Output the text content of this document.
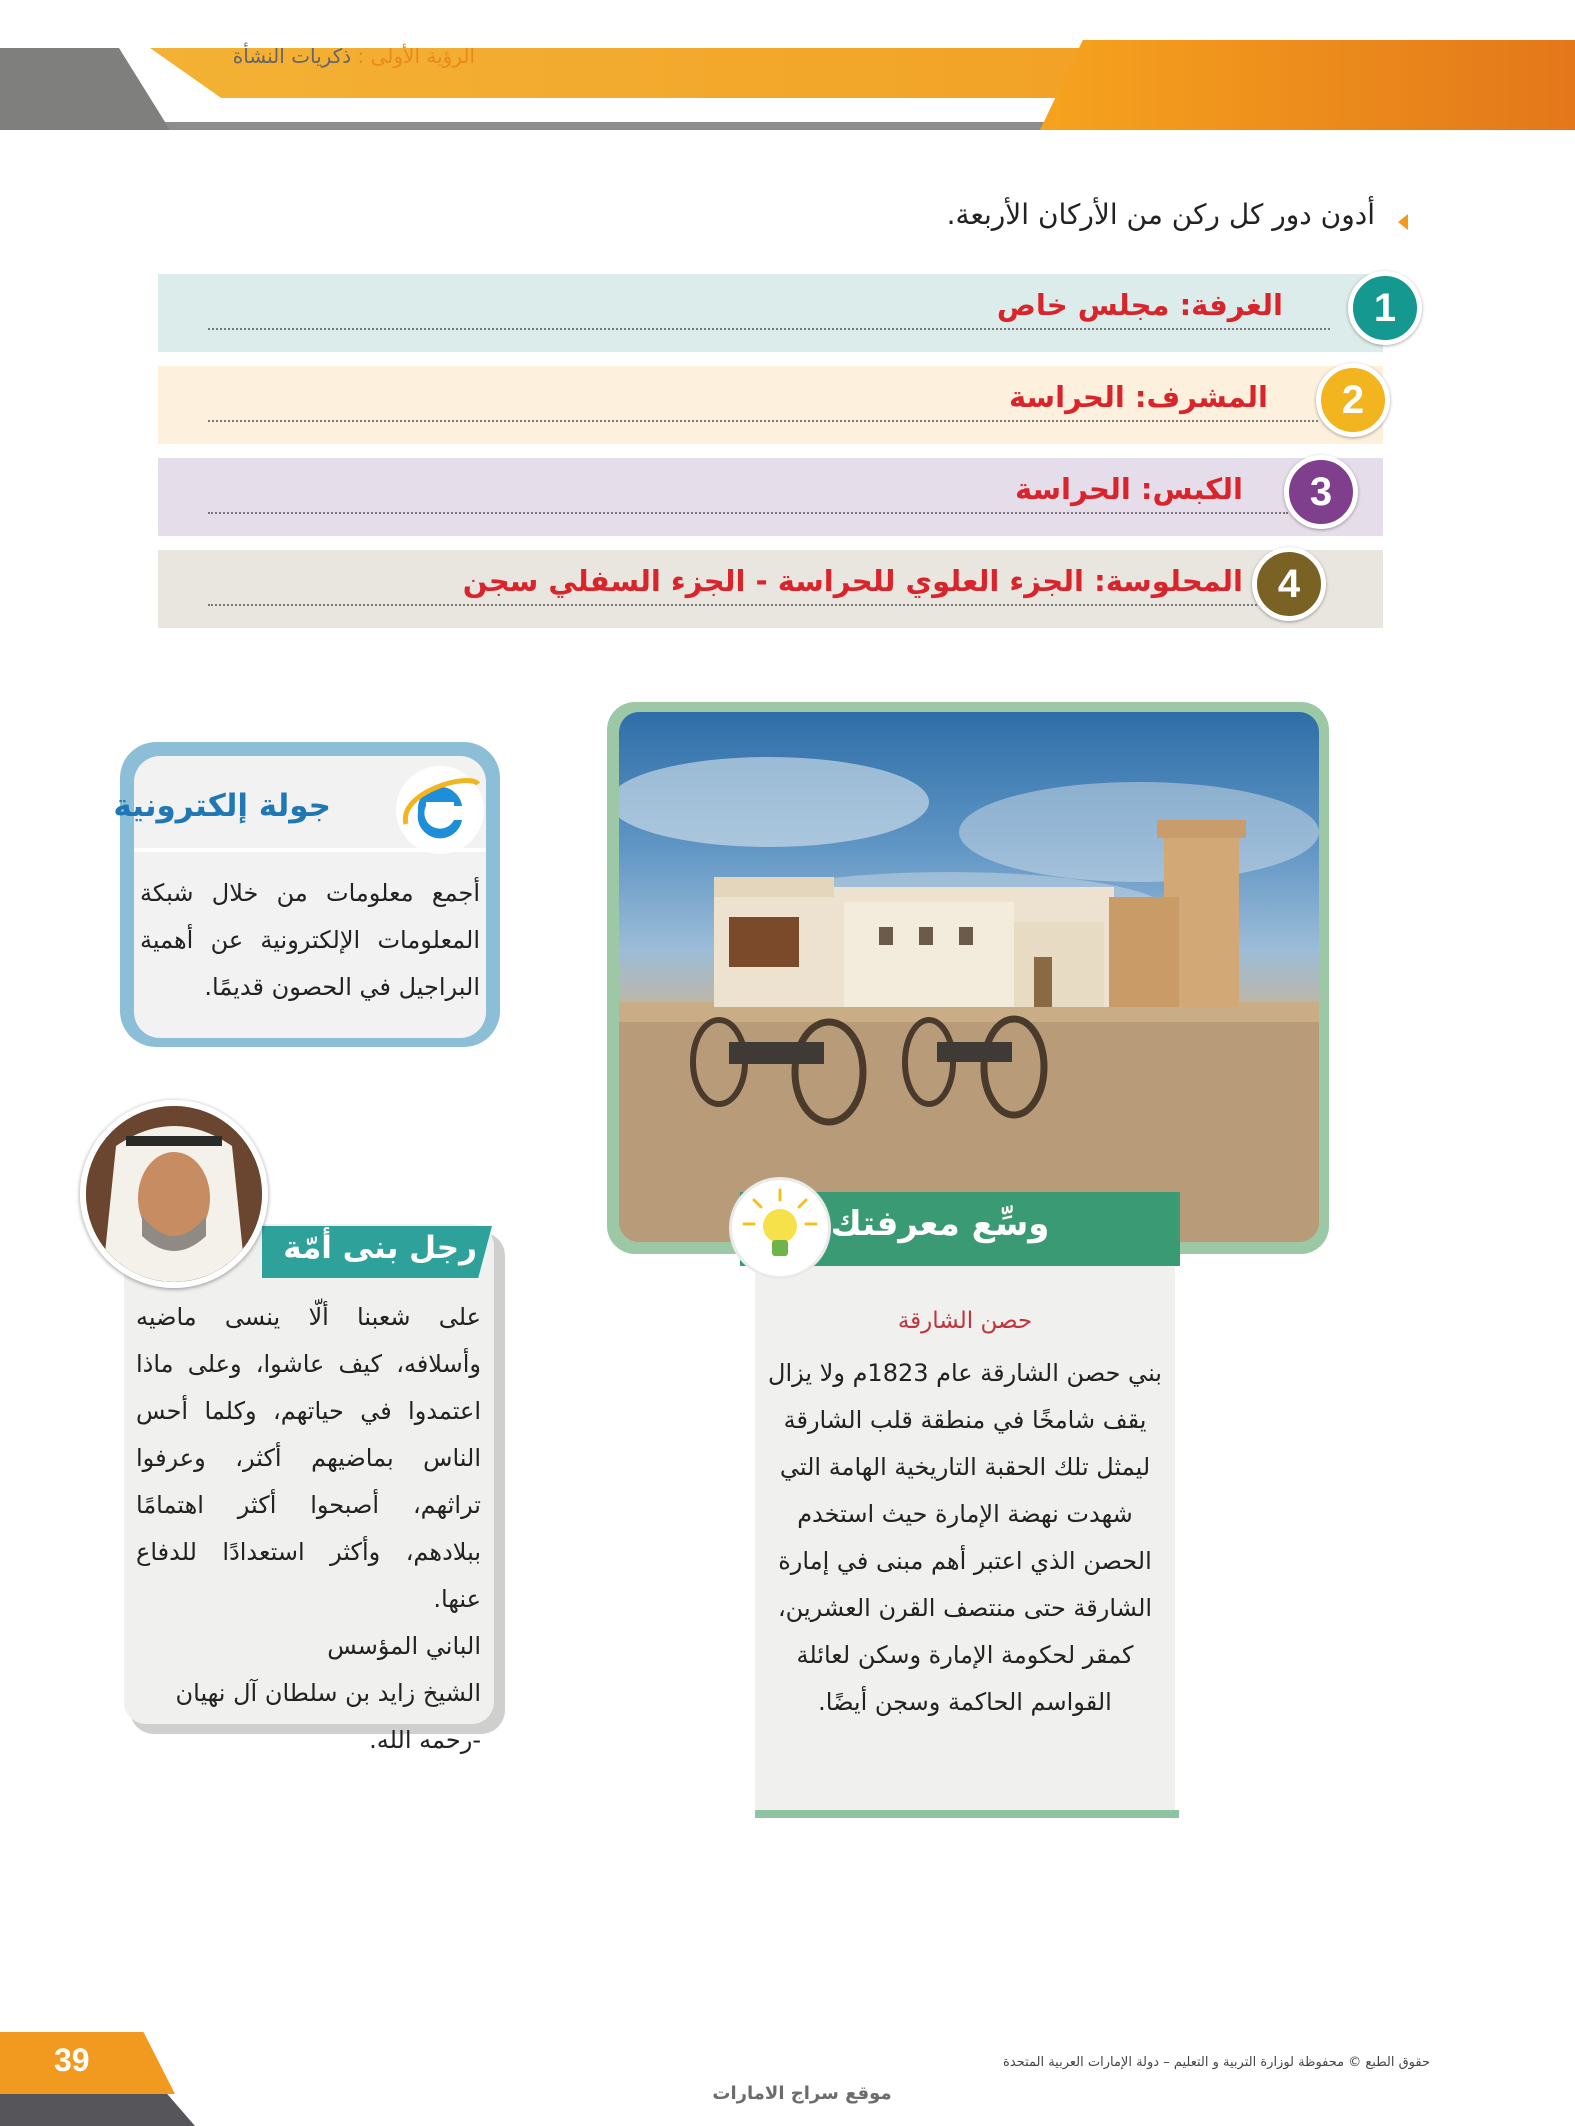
الرؤية الأولى : ذكريات النشأة
أدون دور كل ركن من الأركان الأربعة.
الغرفة: مجلس خاص	1
المشرف: الحراسة	2
الكبس: الحراسة	3
المحلوسة: الجزء العلوي للحراسة - الجزء السفلي سجن 4
وسِّع معرفتك
حصن الشارقة
بني حصن الشارقة عام 1823م ولا يزال يقف شامخًا في منطقة قلب الشارقة ليمثل تلك الحقبة التاريخية الهامة التي شهدت نهضة الإمارة حيث استخدم الحصن الذي اعتبر أهم مبنى في إمارة الشارقة حتى منتصف القرن العشرين، كمقر لحكومة الإمارة وسكن لعائلة القواسم الحاكمة وسجن أيضًا.
جولة إلكترونية
أجمع معلومات من خلال شبكة المعلومات الإلكترونية عن أهمية البراجيل في الحصون قديمًا.
رجل بنى أمّة
على شعبنا ألّا ينسى ماضيه وأسلافه، كيف عاشوا، وعلى ماذا اعتمدوا في حياتهم، وكلما أحس الناس بماضيهم أكثر، وعرفوا تراثهم، أصبحوا أكثر اهتمامًا ببلادهم، وأكثر استعدادًا للدفاع عنها.
الباني المؤسس
الشيخ زايد بن سلطان آل نهيان
-رحمه الله.
39	حقوق الطبع © محفوظة لوزارة التربية و التعليم – دولة الإمارات العربية المتحدة
موقع سراج الامارات
